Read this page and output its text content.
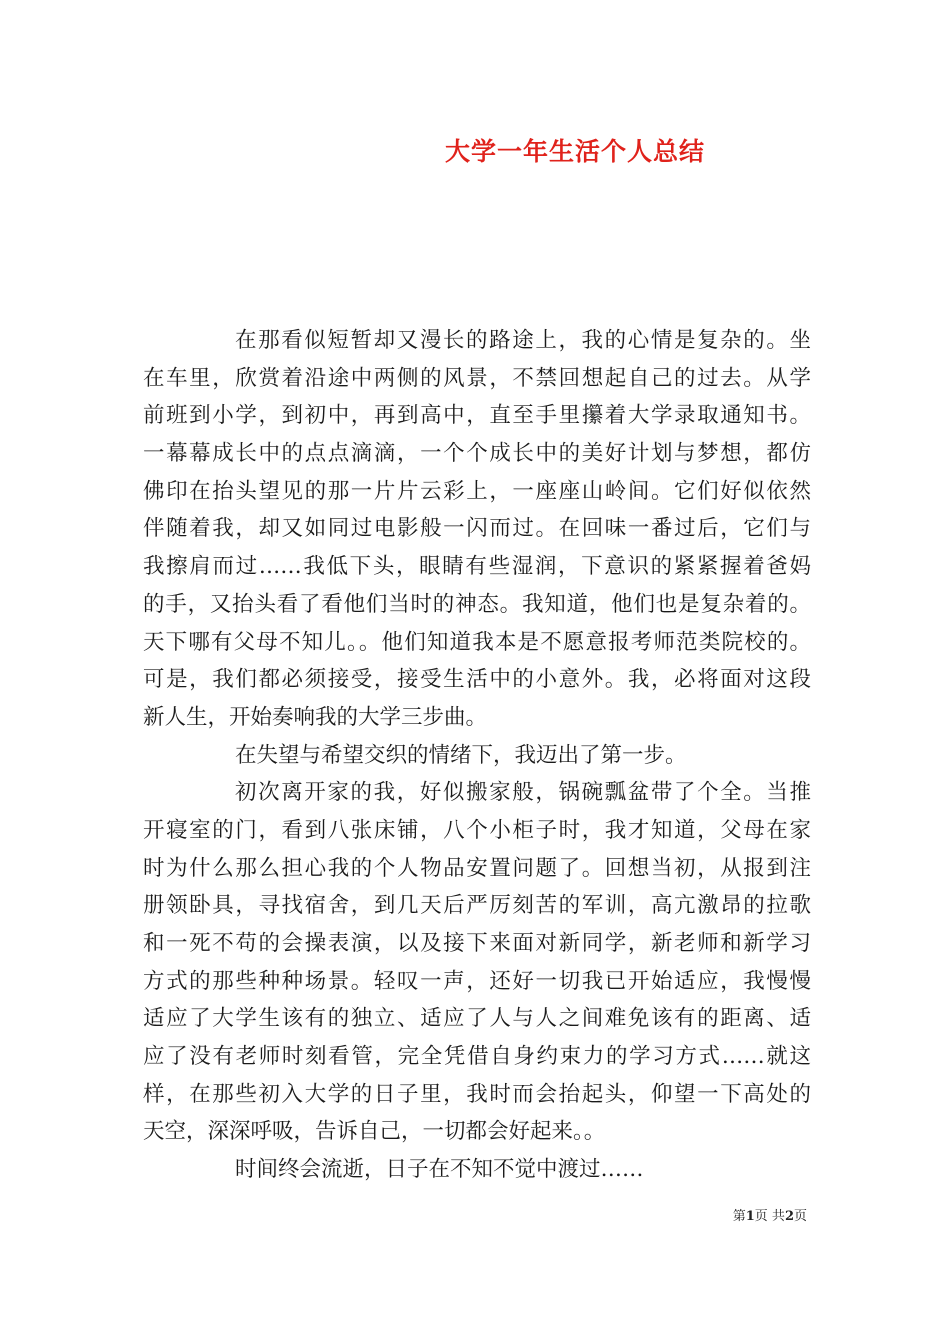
大学一年生活个人总结

在那看似短暂却又漫长的路途上，我的心情是复杂的。坐

在车里，欣赏着沿途中两侧的风景，不禁回想起自己的过去。从学

前班到小学，到初中，再到高中，直至手里攥着大学录取通知书。

一幕幕成长中的点点滴滴，一个个成长中的美好计划与梦想，都仿

佛印在抬头望见的那一片片云彩上，一座座山岭间。它们好似依然

伴随着我，却又如同过电影般一闪而过。在回味一番过后，它们与

我擦肩而过……我低下头，眼睛有些湿润，下意识的紧紧握着爸妈

的手，又抬头看了看他们当时的神态。我知道，他们也是复杂着的。

天下哪有父母不知儿。。他们知道我本是不愿意报考师范类院校的。

可是，我们都必须接受，接受生活中的小意外。我，必将面对这段

新人生，开始奏响我的大学三步曲。

在失望与希望交织的情绪下，我迈出了第一步。

初次离开家的我，好似搬家般，锅碗瓢盆带了个全。当推

开寝室的门，看到八张床铺，八个小柜子时，我才知道，父母在家

时为什么那么担心我的个人物品安置问题了。回想当初，从报到注

册领卧具，寻找宿舍，到几天后严厉刻苦的军训，高亢激昂的拉歌

和一死不苟的会操表演，以及接下来面对新同学，新老师和新学习

方式的那些种种场景。轻叹一声，还好一切我已开始适应，我慢慢

适应了大学生该有的独立、适应了人与人之间难免该有的距离、适

应了没有老师时刻看管，完全凭借自身约束力的学习方式……就这

样，在那些初入大学的日子里，我时而会抬起头，仰望一下高处的

天空，深深呼吸，告诉自己，一切都会好起来。。

时间终会流逝，日子在不知不觉中渡过……

第1页 共2页
